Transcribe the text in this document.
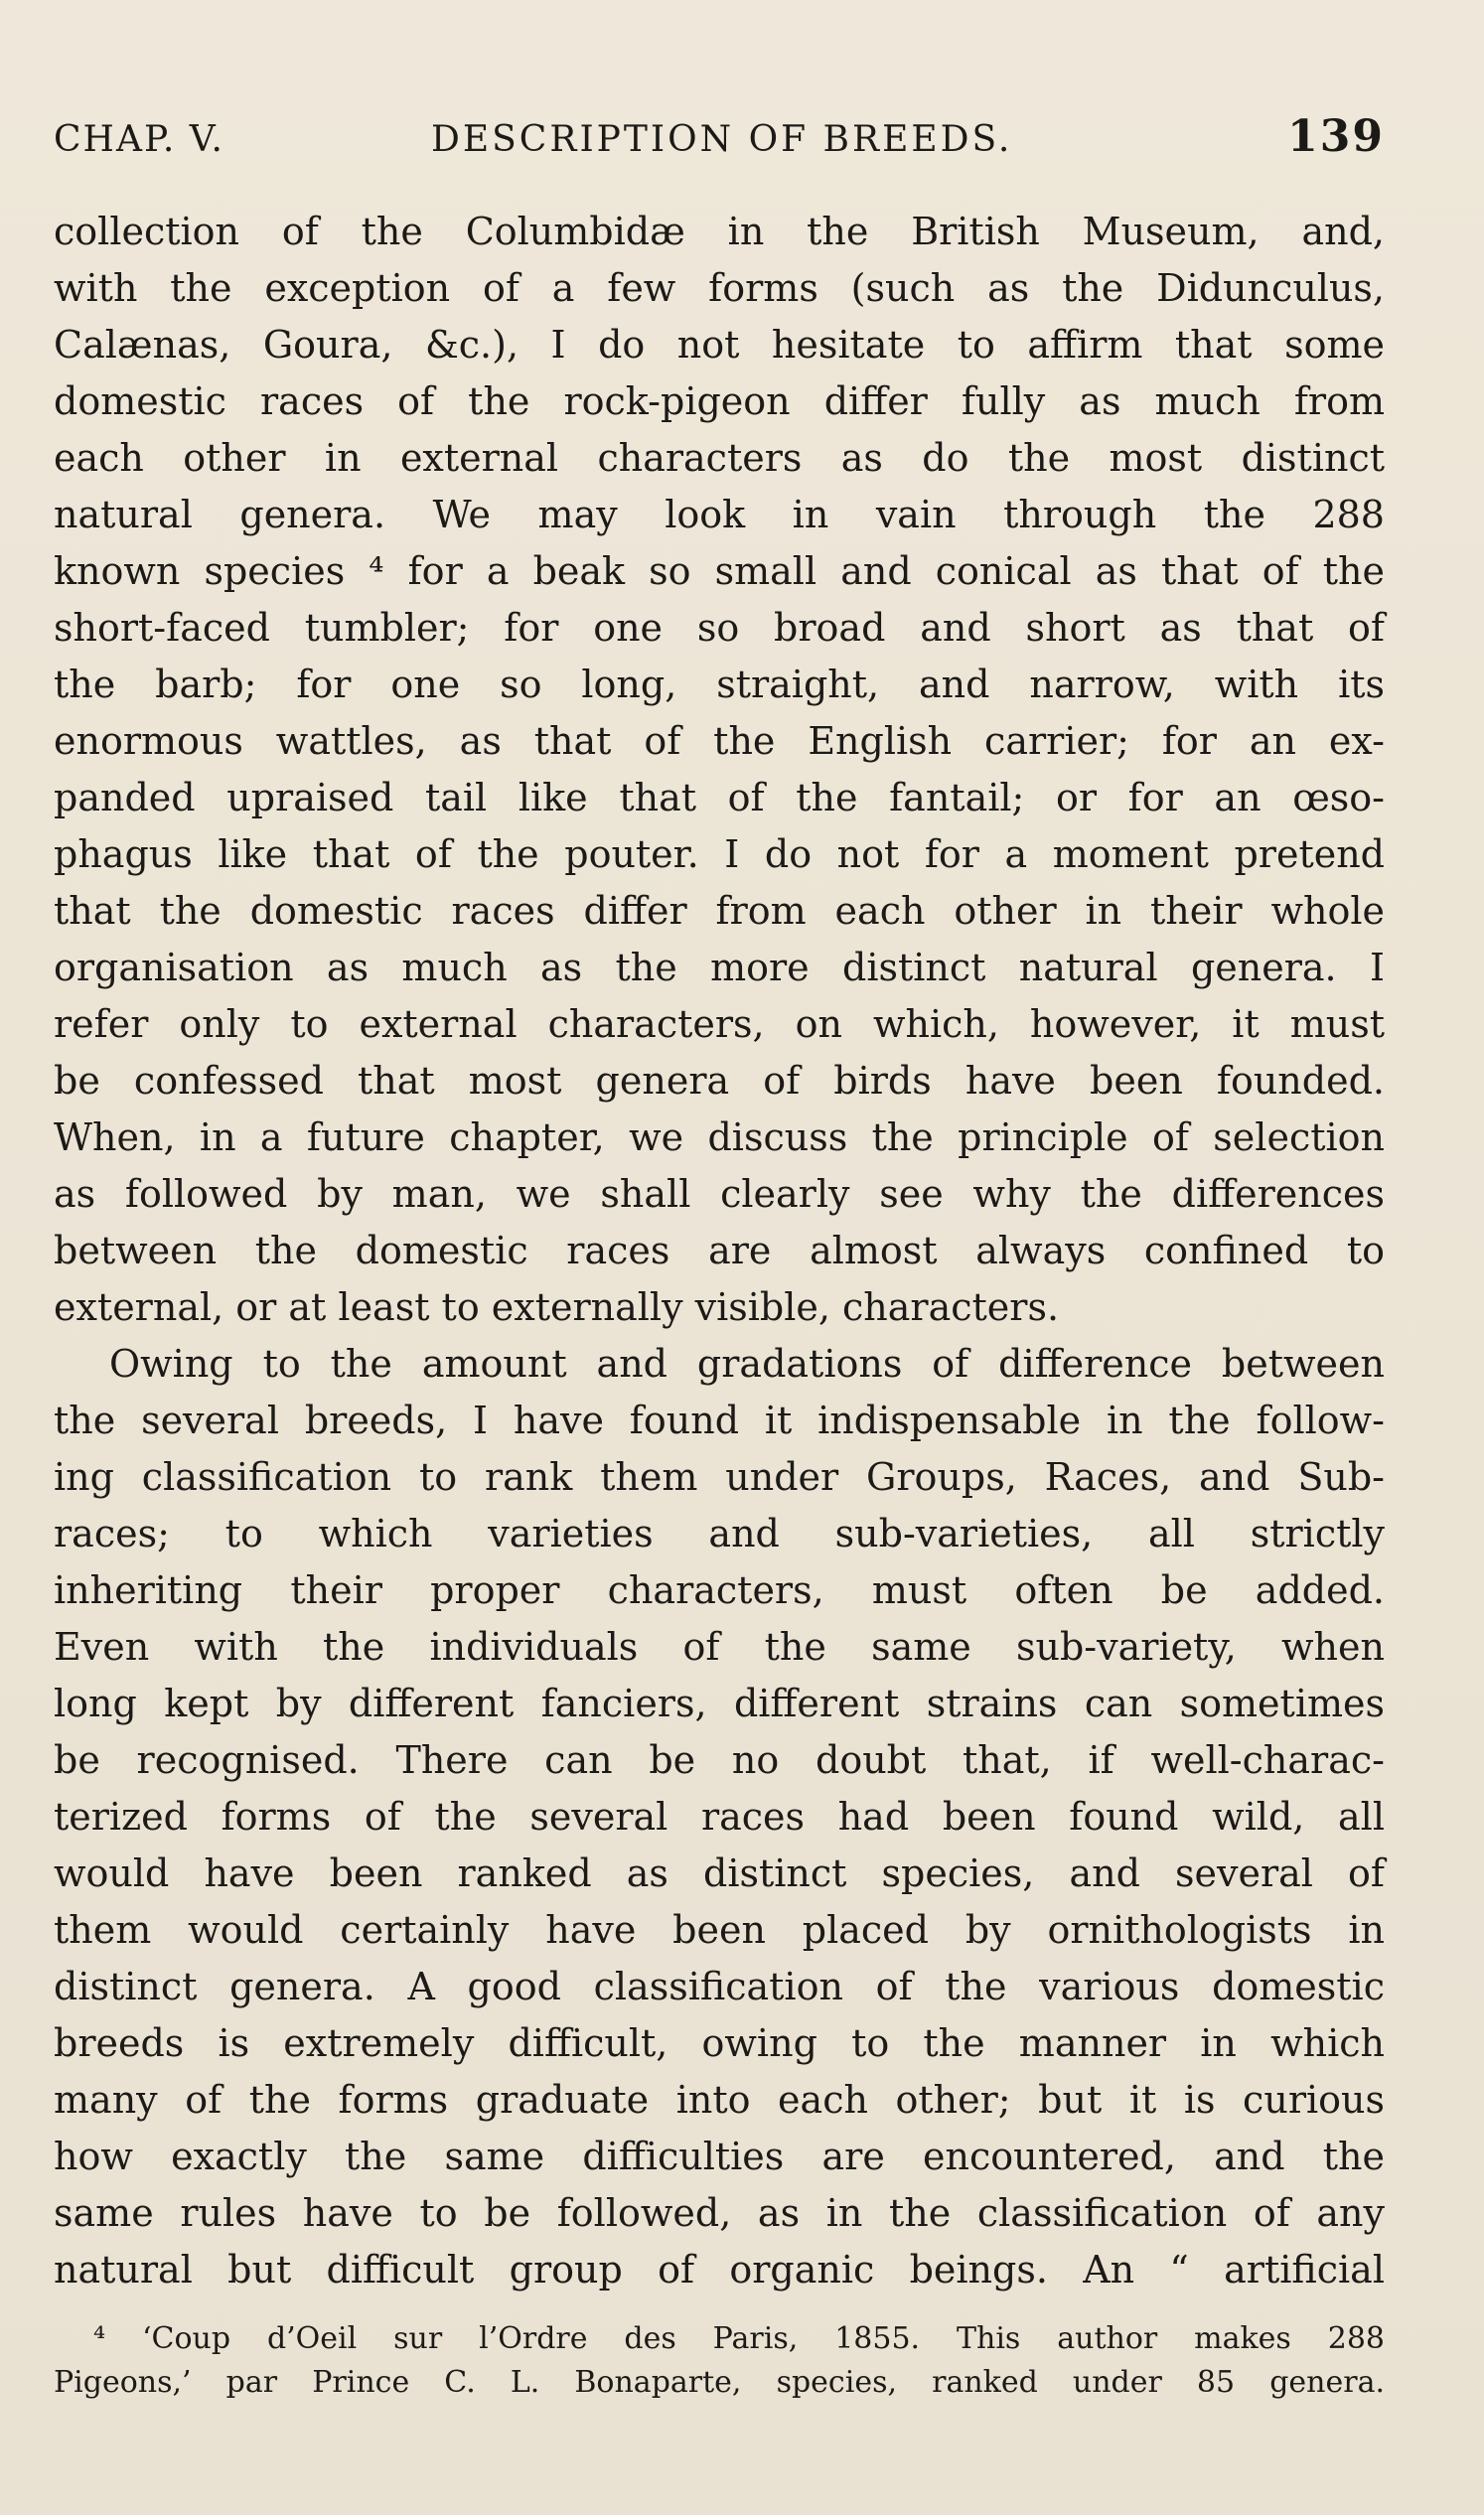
CHAP. V.	DESCRIPTION OF BREEDS.	139
collection of the Columbidæ in the British Museum, and,
with the exception of a few forms (such as the Didunculus,
Calænas, Goura, &c.), I do not hesitate to affirm that some
domestic races of the rock-pigeon differ fully as much from
each other in external characters as do the most distinct
natural genera. We may look in vain through the 288
known species ⁴ for a beak so small and conical as that of the
short-faced tumbler; for one so broad and short as that of
the barb; for one so long, straight, and narrow, with its
enormous wattles, as that of the English carrier; for an ex-
panded upraised tail like that of the fantail; or for an œso-
phagus like that of the pouter. I do not for a moment pretend
that the domestic races differ from each other in their whole
organisation as much as the more distinct natural genera. I
refer only to external characters, on which, however, it must
be confessed that most genera of birds have been founded.
When, in a future chapter, we discuss the principle of selection
as followed by man, we shall clearly see why the differences
between the domestic races are almost always confined to
external, or at least to externally visible, characters.
Owing to the amount and gradations of difference between
the several breeds, I have found it indispensable in the follow-
ing classification to rank them under Groups, Races, and Sub-
races; to which varieties and sub-varieties, all strictly
inheriting their proper characters, must often be added.
Even with the individuals of the same sub-variety, when
long kept by different fanciers, different strains can sometimes
be recognised. There can be no doubt that, if well-charac-
terized forms of the several races had been found wild, all
would have been ranked as distinct species, and several of
them would certainly have been placed by ornithologists in
distinct genera. A good classification of the various domestic
breeds is extremely difficult, owing to the manner in which
many of the forms graduate into each other; but it is curious
how exactly the same difficulties are encountered, and the
same rules have to be followed, as in the classification of any
natural but difficult group of organic beings. An “ artificial
⁴ ‘Coup d’Oeil sur l’Ordre des Paris, 1855. This author makes 288
Pigeons,’ par Prince C. L. Bonaparte, species, ranked under 85 genera.
